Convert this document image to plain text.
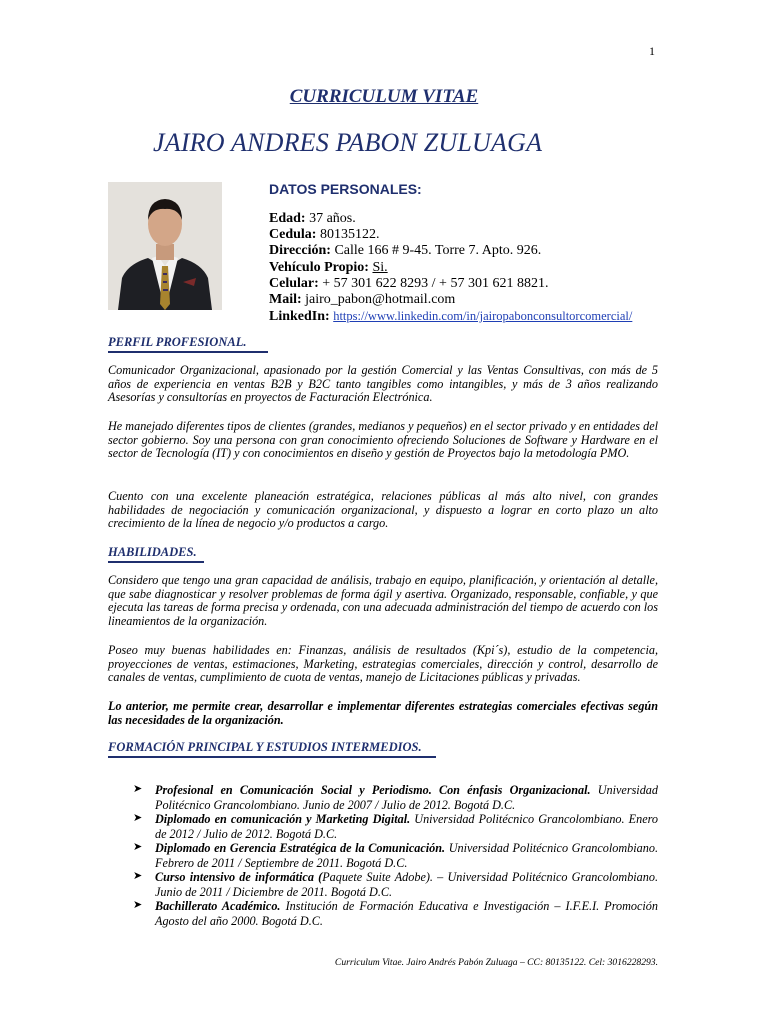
1
CURRICULUM VITAE
JAIRO ANDRES PABON ZULUAGA
DATOS PERSONALES:
Edad: 37 años.
Cedula: 80135122.
Dirección: Calle 166 # 9-45. Torre 7. Apto. 926.
Vehículo Propio: Si.
Celular: + 57 301 622 8293 / + 57 301 621 8821.
Mail: jairo_pabon@hotmail.com
LinkedIn: https://www.linkedin.com/in/jairopabonconsultorcomercial/
PERFIL PROFESIONAL.
Comunicador Organizacional, apasionado por la gestión Comercial y las Ventas Consultivas, con más de 5 años de experiencia en ventas B2B y B2C tanto tangibles como intangibles, y más de 3 años realizando Asesorías y consultorías en proyectos de Facturación Electrónica.
He manejado diferentes tipos de clientes (grandes, medianos y pequeños) en el sector privado y en entidades del sector gobierno. Soy una persona con gran conocimiento ofreciendo Soluciones de Software y Hardware en el sector de Tecnología (IT) y con conocimientos en diseño y gestión de Proyectos bajo la metodología PMO.
Cuento con una excelente planeación estratégica, relaciones públicas al más alto nivel, con grandes habilidades de negociación y comunicación organizacional, y dispuesto a lograr en corto plazo un alto crecimiento de la línea de negocio y/o productos a cargo.
HABILIDADES.
Considero que tengo una gran capacidad de análisis, trabajo en equipo, planificación, y orientación al detalle, que sabe diagnosticar y resolver problemas de forma ágil y asertiva. Organizado, responsable, confiable, y que ejecuta las tareas de forma precisa y ordenada, con una adecuada administración del tiempo de acuerdo con los lineamientos de la organización.
Poseo muy buenas habilidades en: Finanzas, análisis de resultados (Kpi´s), estudio de la competencia, proyecciones de ventas, estimaciones, Marketing, estrategias comerciales, dirección y control, desarrollo de canales de ventas, cumplimiento de cuota de ventas, manejo de Licitaciones públicas y privadas.
Lo anterior, me permite crear, desarrollar e implementar diferentes estrategias comerciales efectivas según las necesidades de la organización.
FORMACIÓN PRINCIPAL Y ESTUDIOS INTERMEDIOS.
➤ Profesional en Comunicación Social y Periodismo. Con énfasis Organizacional. Universidad Politécnico Grancolombiano. Junio de 2007 / Julio de 2012. Bogotá D.C.
➤ Diplomado en comunicación y Marketing Digital. Universidad Politécnico Grancolombiano. Enero de 2012 / Julio de 2012. Bogotá D.C.
➤ Diplomado en Gerencia Estratégica de la Comunicación. Universidad Politécnico Grancolombiano. Febrero de 2011 / Septiembre de 2011. Bogotá D.C.
➤ Curso intensivo de informática (Paquete Suite Adobe). – Universidad Politécnico Grancolombiano. Junio de 2011 / Diciembre de 2011. Bogotá D.C.
➤ Bachillerato Académico. Institución de Formación Educativa e Investigación – I.F.E.I. Promoción Agosto del año 2000. Bogotá D.C.
Curriculum Vitae. Jairo Andrés Pabón Zuluaga – CC: 80135122. Cel: 3016228293.
